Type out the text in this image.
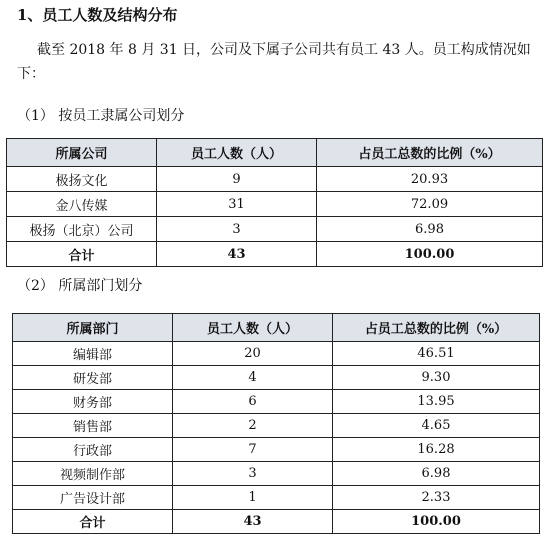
1、员工人数及结构分布
截至 2018 年 8 月 31 日，公司及下属子公司共有员工 43 人。员工构成情况如下：
（1） 按员工隶属公司划分
所属公司	员工人数（人）	占员工总数的比例（%）
极扬文化	9	20.93
金八传媒	31	72.09
极扬（北京）公司	3	6.98
合计	43	100.00
（2） 所属部门划分
所属部门	员工人数（人）	占员工总数的比例（%）
编辑部	20	46.51
研发部	4	9.30
财务部	6	13.95
销售部	2	4.65
行政部	7	16.28
视频制作部	3	6.98
广告设计部	1	2.33
合计	43	100.00
